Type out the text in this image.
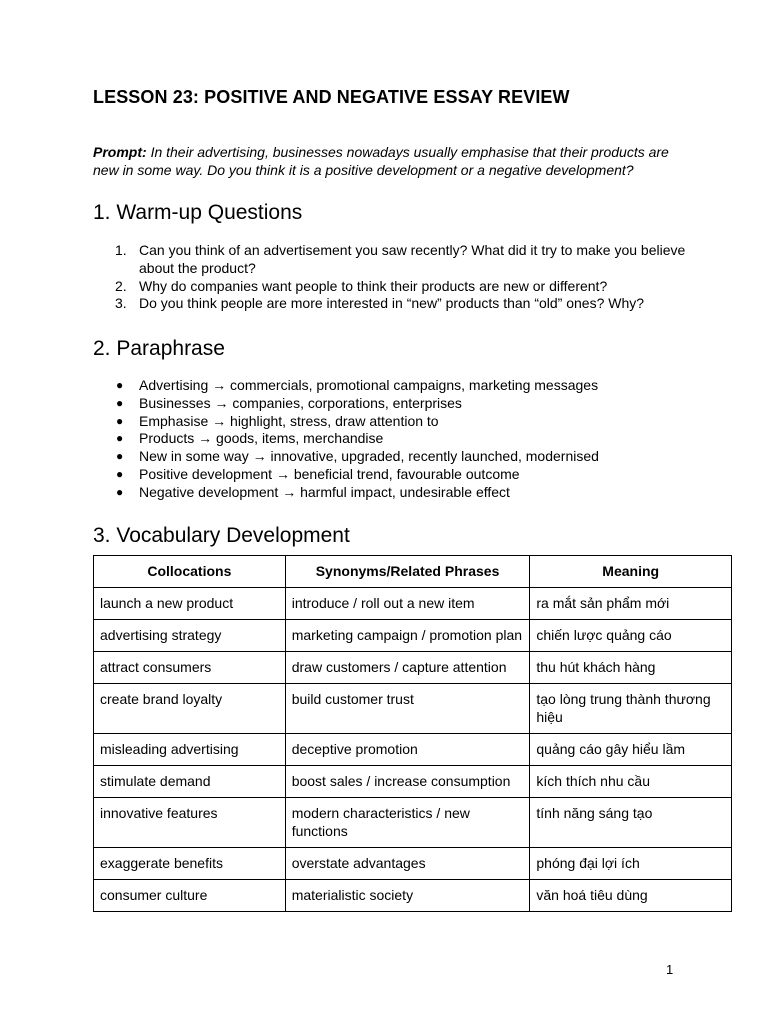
LESSON 23: POSITIVE AND NEGATIVE ESSAY REVIEW

Prompt: In their advertising, businesses nowadays usually emphasise that their products are new in some way. Do you think it is a positive development or a negative development?

1. Warm-up Questions
1. Can you think of an advertisement you saw recently? What did it try to make you believe about the product?
2. Why do companies want people to think their products are new or different?
3. Do you think people are more interested in “new” products than “old” ones? Why?
2. Paraphrase
● Advertising → commercials, promotional campaigns, marketing messages
● Businesses → companies, corporations, enterprises
● Emphasise → highlight, stress, draw attention to
● Products → goods, items, merchandise
● New in some way → innovative, upgraded, recently launched, modernised
● Positive development → beneficial trend, favourable outcome
● Negative development → harmful impact, undesirable effect
3. Vocabulary Development
Collocations	Synonyms/Related Phrases	Meaning
launch a new product	introduce / roll out a new item	ra mắt sản phẩm mới
advertising strategy	marketing campaign / promotion plan	chiến lược quảng cáo
attract consumers	draw customers / capture attention	thu hút khách hàng
create brand loyalty	build customer trust	tạo lòng trung thành thương hiệu
misleading advertising	deceptive promotion	quảng cáo gây hiểu lầm
stimulate demand	boost sales / increase consumption	kích thích nhu cầu
innovative features	modern characteristics / new functions	tính năng sáng tạo
exaggerate benefits	overstate advantages	phóng đại lợi ích
consumer culture	materialistic society	văn hoá tiêu dùng
1
